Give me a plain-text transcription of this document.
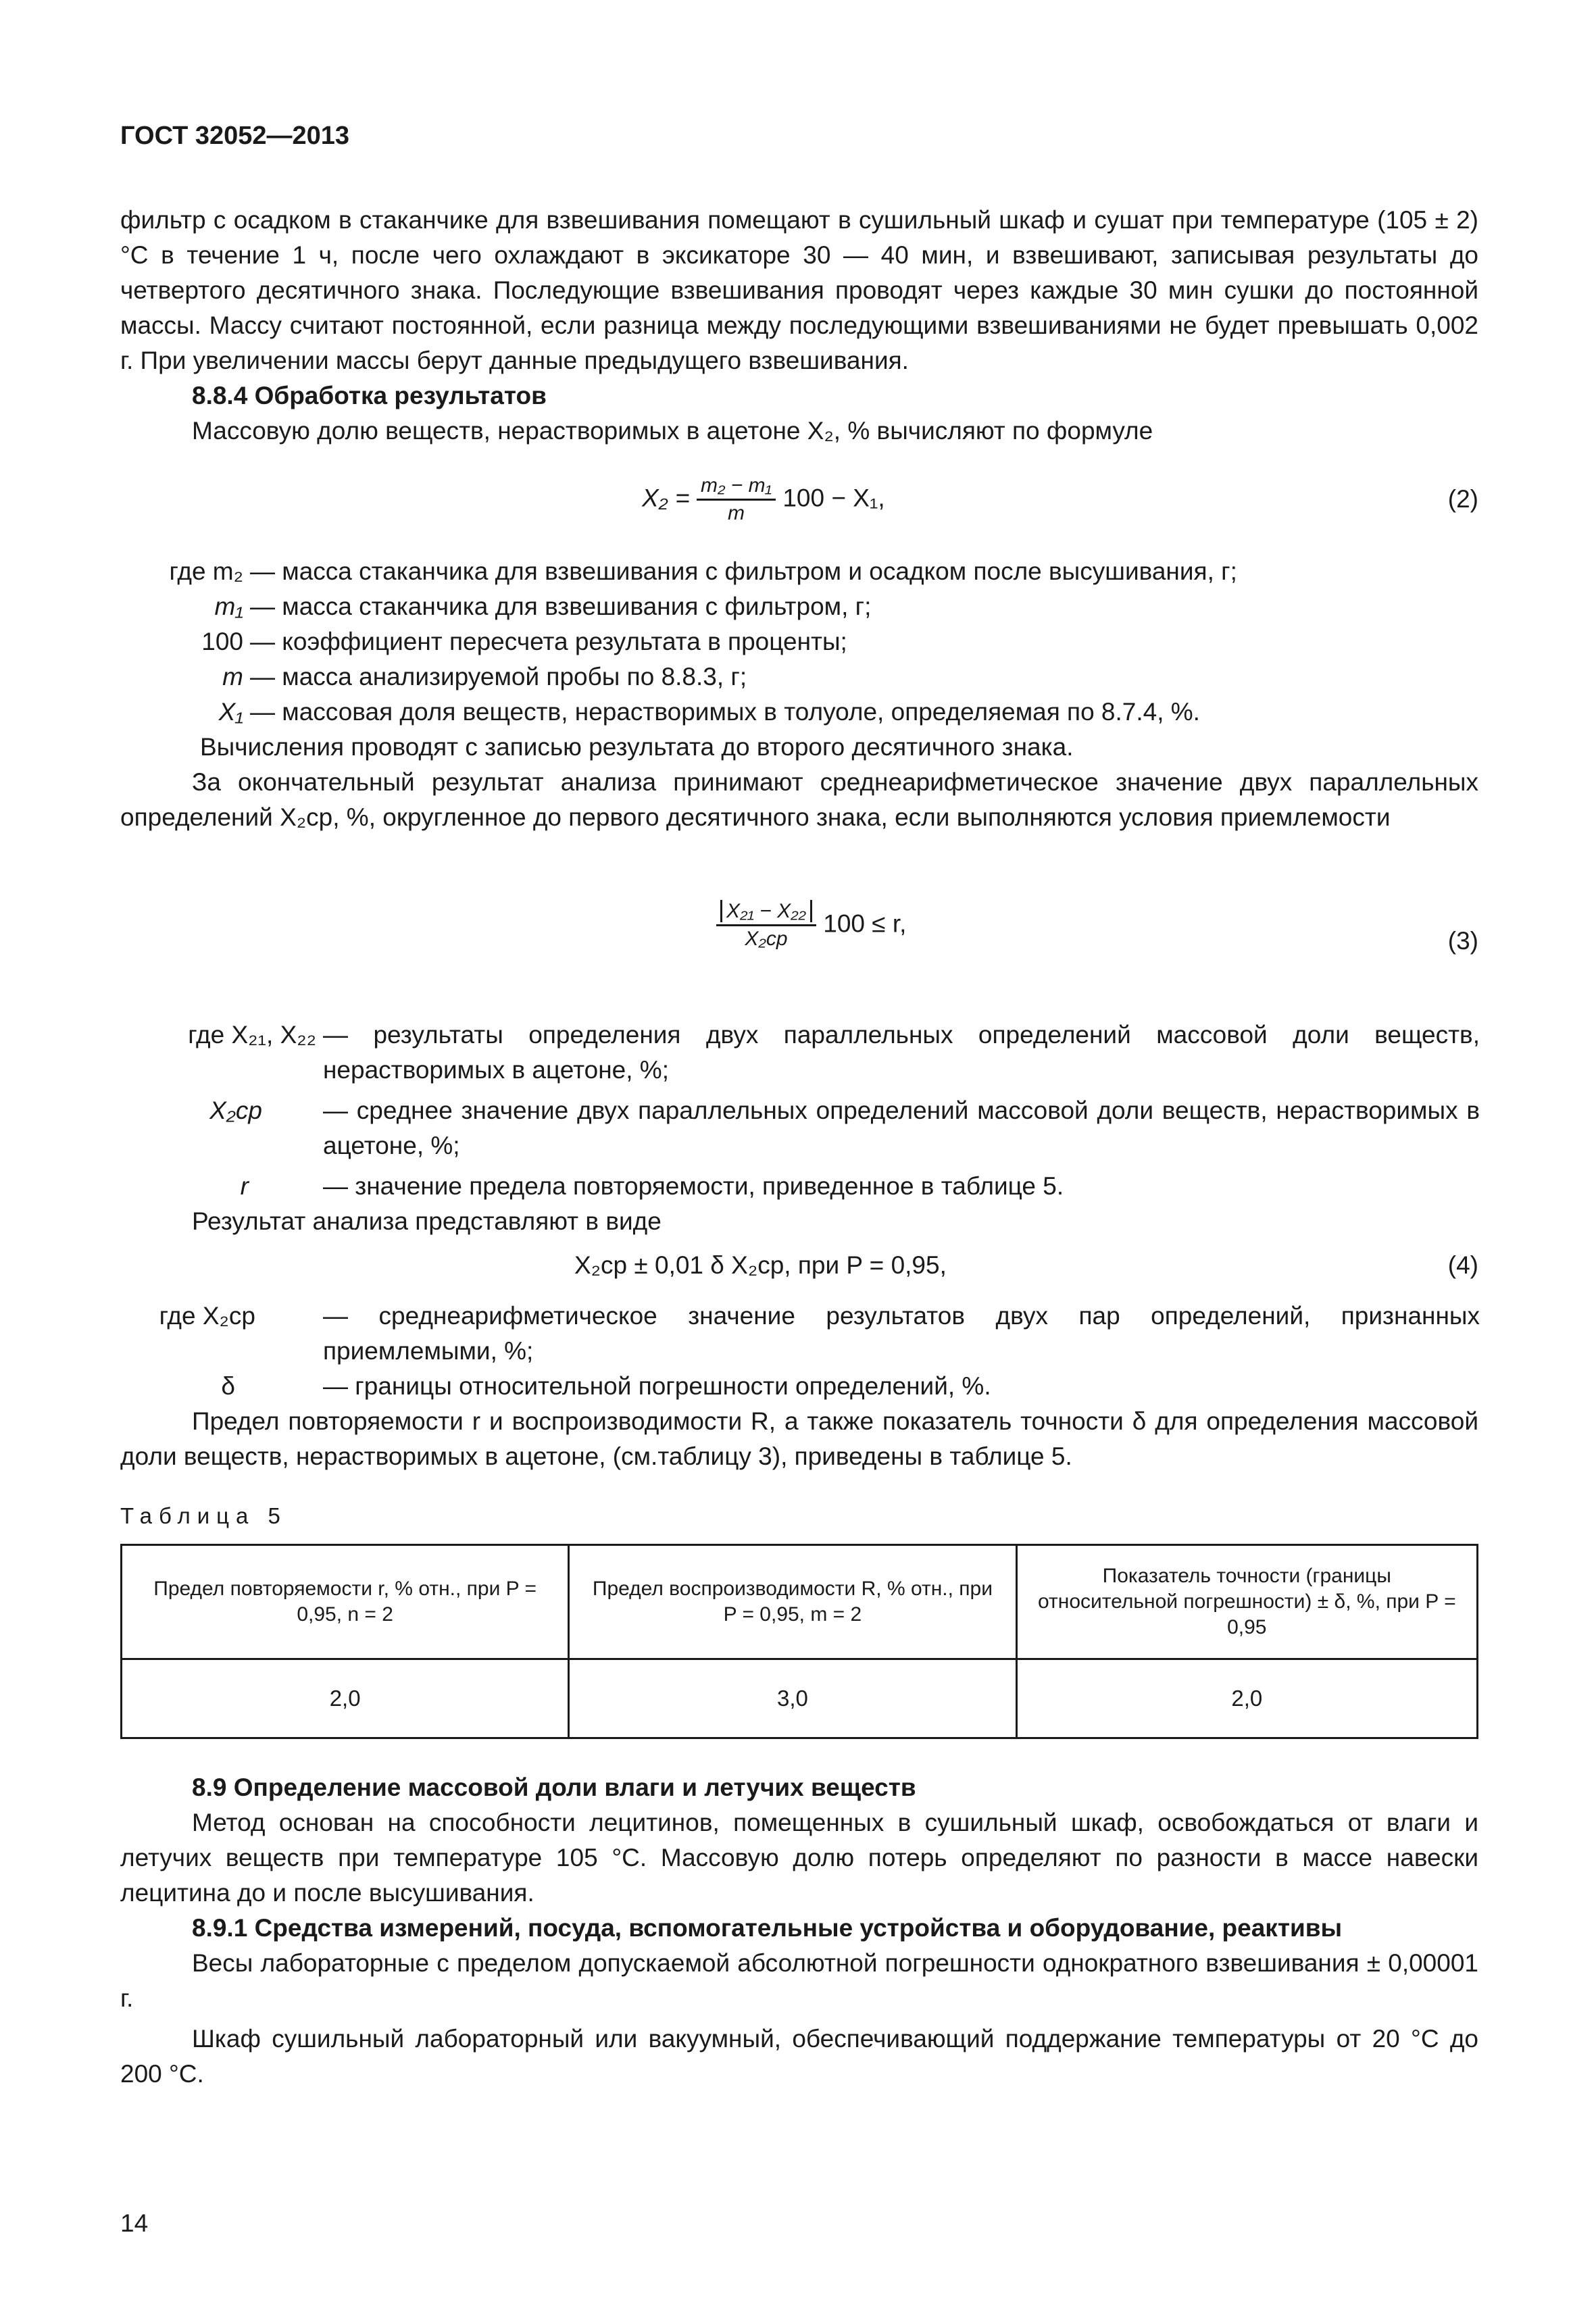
ГОСТ 32052—2013
фильтр с осадком в стаканчике для взвешивания помещают в сушильный шкаф и сушат при температуре (105 ± 2) °С в течение 1 ч, после чего охлаждают в эксикаторе 30 — 40 мин, и взвешивают, записывая результаты до четвертого десятичного знака. Последующие взвешивания проводят через каждые 30 мин сушки до постоянной массы. Массу считают постоянной, если разница между последующими взвешиваниями не будет превышать 0,002 г. При увеличении массы берут данные предыдущего взвешивания.
8.8.4 Обработка результатов
Массовую долю веществ, нерастворимых в ацетоне X₂, % вычисляют по формуле
$X_2 = \frac{\text{m₂ − m₁}}{m} 100 - X_1$,	(2)
где m₂ — масса стаканчика для взвешивания с фильтром и осадком после высушивания, г;
m₁ — масса стаканчика для взвешивания с фильтром, г;
100 — коэффициент пересчета результата в проценты;
m — масса анализируемой пробы по 8.8.3, г;
X₁ — массовая доля веществ, нерастворимых в толуоле, определяемая по 8.7.4, %.
Вычисления проводят с записью результата до второго десятичного знака.
За окончательный результат анализа принимают среднеарифметическое значение двух параллельных определений X₂ср, %, округленное до первого десятичного знака, если выполняются условия приемлемости
$\frac{\text{X₂₁ − X₂₂}}{\text{X₂ср}} 100 \le r$,
(3)
где X₂₁, X₂₂ — результаты определения двух параллельных определений массовой доли веществ, нерастворимых в ацетоне, %;
X₂ср — среднее значение двух параллельных определений массовой доли веществ, нерастворимых в ацетоне, %;
r	— значение предела повторяемости, приведенное в таблице 5.
Результат анализа представляют в виде
X₂ср ± 0,01 δ X₂ср, при P = 0,95,	(4)
где X₂ср	— среднеарифметическое значение результатов двух пар определений, признанных приемлемыми, %;
δ	— границы относительной погрешности определений, %.
Предел повторяемости r и воспроизводимости R, а также показатель точности δ для определения массовой доли веществ, нерастворимых в ацетоне, (см.таблицу 3), приведены в таблице 5.
Таблица 5
Предел повторяемости r, % отн., при P = 0,95, n = 2	Предел воспроизводимости R, % отн., при P = 0,95, m = 2	Показатель точности (границы относительной погрешности) ± δ, %, при P = 0,95
2,0	3,0	2,0
8.9 Определение массовой доли влаги и летучих веществ
Метод основан на способности лецитинов, помещенных в сушильный шкаф, освобождаться от влаги и летучих веществ при температуре 105 °С. Массовую долю потерь определяют по разности в массе навески лецитина до и после высушивания.
8.9.1 Средства измерений, посуда, вспомогательные устройства и оборудование, реактивы
Весы лабораторные с пределом допускаемой абсолютной погрешности однократного взвешивания ± 0,00001 г.
Шкаф сушильный лабораторный или вакуумный, обеспечивающий поддержание температуры от 20 °С до 200 °С.
14
